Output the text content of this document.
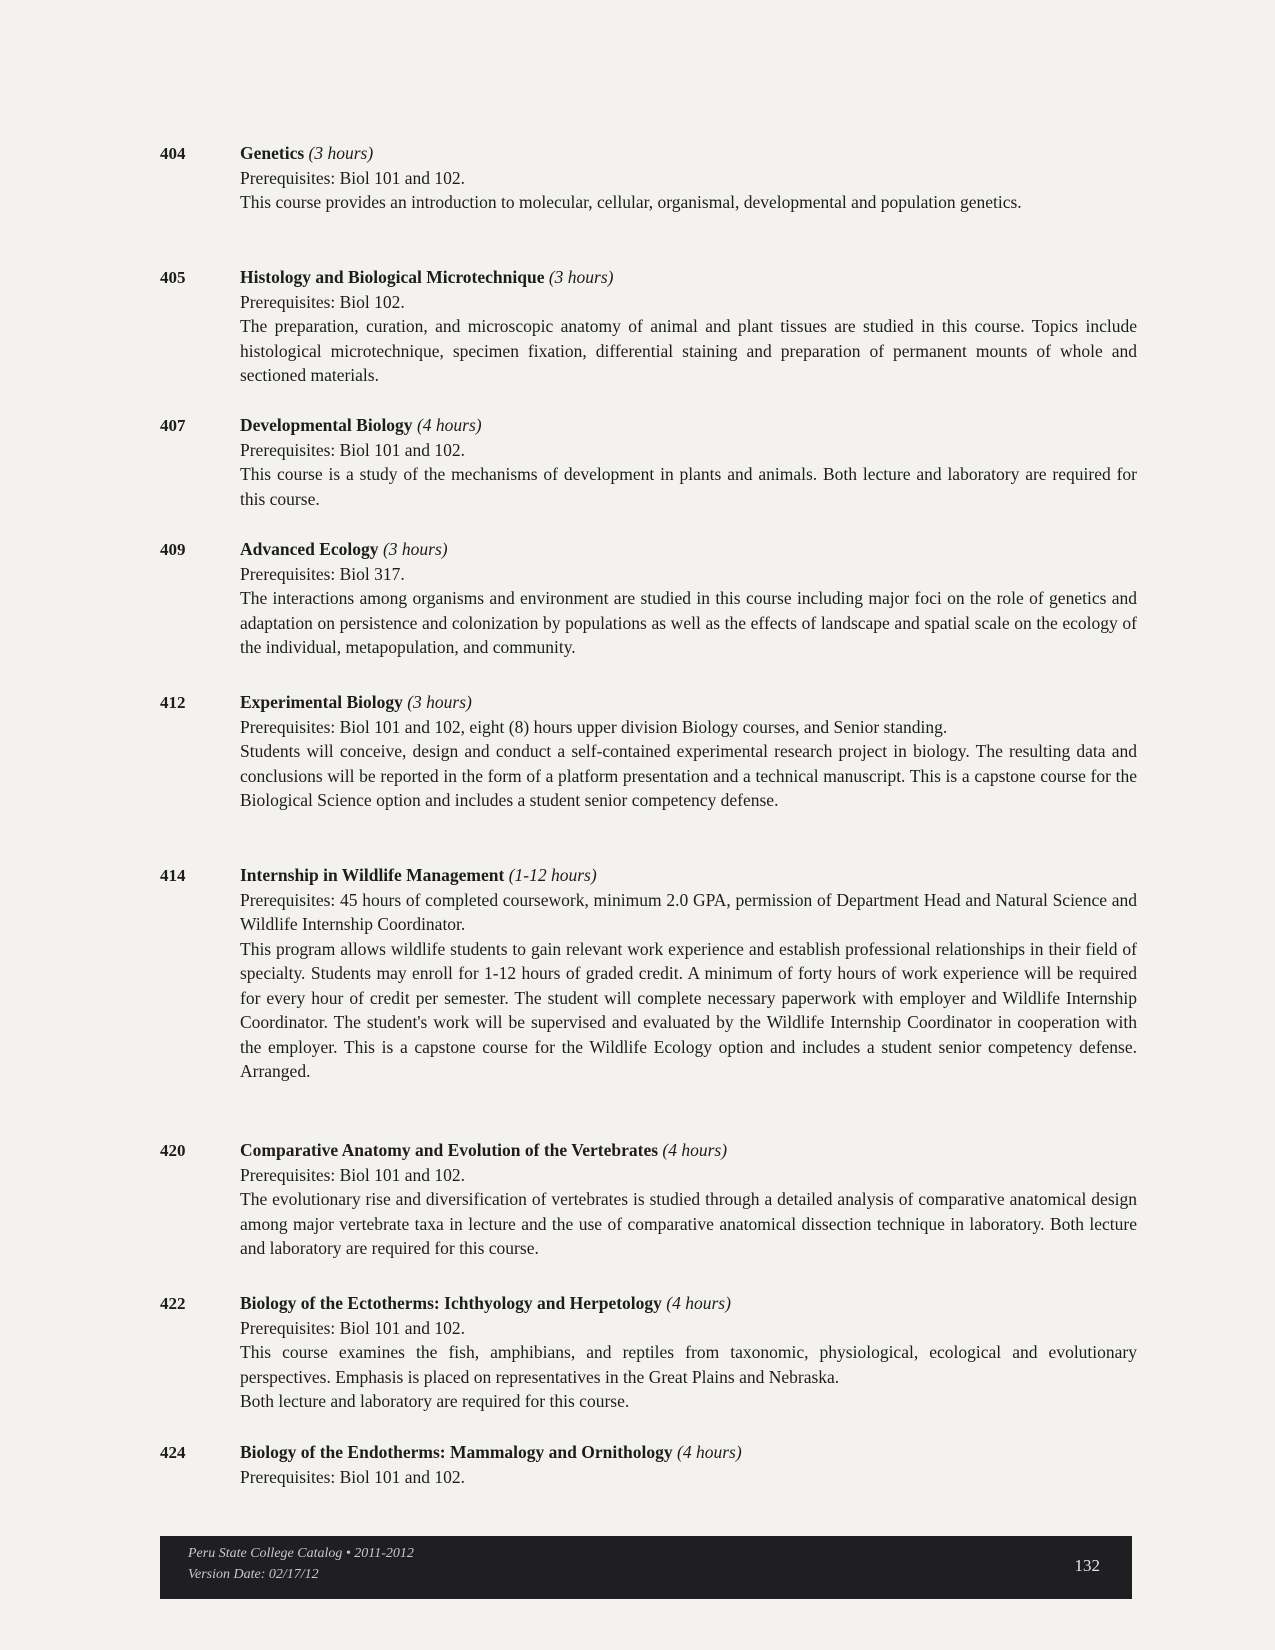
404	Genetics (3 hours)

Prerequisites: Biol 101 and 102.

This course provides an introduction to molecular, cellular, organismal, developmental and population genetics.

405	Histology and Biological Microtechnique (3 hours)

Prerequisites: Biol 102.

The preparation, curation, and microscopic anatomy of animal and plant tissues are studied in this course. Topics include histological microtechnique, specimen fixation, differential staining and preparation of permanent mounts of whole and sectioned materials.

407	Developmental Biology (4 hours)

Prerequisites: Biol 101 and 102.

This course is a study of the mechanisms of development in plants and animals. Both lecture and laboratory are required for this course.

409	Advanced Ecology (3 hours)

Prerequisites: Biol 317.

The interactions among organisms and environment are studied in this course including major foci on the role of genetics and adaptation on persistence and colonization by populations as well as the effects of landscape and spatial scale on the ecology of the individual, metapopulation, and community.

412	Experimental Biology (3 hours)

Prerequisites: Biol 101 and 102, eight (8) hours upper division Biology courses, and Senior standing.

Students will conceive, design and conduct a self-contained experimental research project in biology. The resulting data and conclusions will be reported in the form of a platform presentation and a technical manuscript. This is a capstone course for the Biological Science option and includes a student senior competency defense.

414	Internship in Wildlife Management (1-12 hours)

Prerequisites: 45 hours of completed coursework, minimum 2.0 GPA, permission of Department Head and Natural Science and Wildlife Internship Coordinator.

This program allows wildlife students to gain relevant work experience and establish professional relationships in their field of specialty. Students may enroll for 1-12 hours of graded credit. A minimum of forty hours of work experience will be required for every hour of credit per semester. The student will complete necessary paperwork with employer and Wildlife Internship Coordinator. The student's work will be supervised and evaluated by the Wildlife Internship Coordinator in cooperation with the employer. This is a capstone course for the Wildlife Ecology option and includes a student senior competency defense. Arranged.

420	Comparative Anatomy and Evolution of the Vertebrates (4 hours)

Prerequisites: Biol 101 and 102.

The evolutionary rise and diversification of vertebrates is studied through a detailed analysis of comparative anatomical design among major vertebrate taxa in lecture and the use of comparative anatomical dissection technique in laboratory. Both lecture and laboratory are required for this course.

422	Biology of the Ectotherms: Ichthyology and Herpetology (4 hours)

Prerequisites: Biol 101 and 102.

This course examines the fish, amphibians, and reptiles from taxonomic, physiological, ecological and evolutionary perspectives. Emphasis is placed on representatives in the Great Plains and Nebraska.

Both lecture and laboratory are required for this course.

424	Biology of the Endotherms: Mammalogy and Ornithology (4 hours)

Prerequisites: Biol 101 and 102.

Peru State College Catalog • 2011-2012
Version Date: 02/17/12	132
